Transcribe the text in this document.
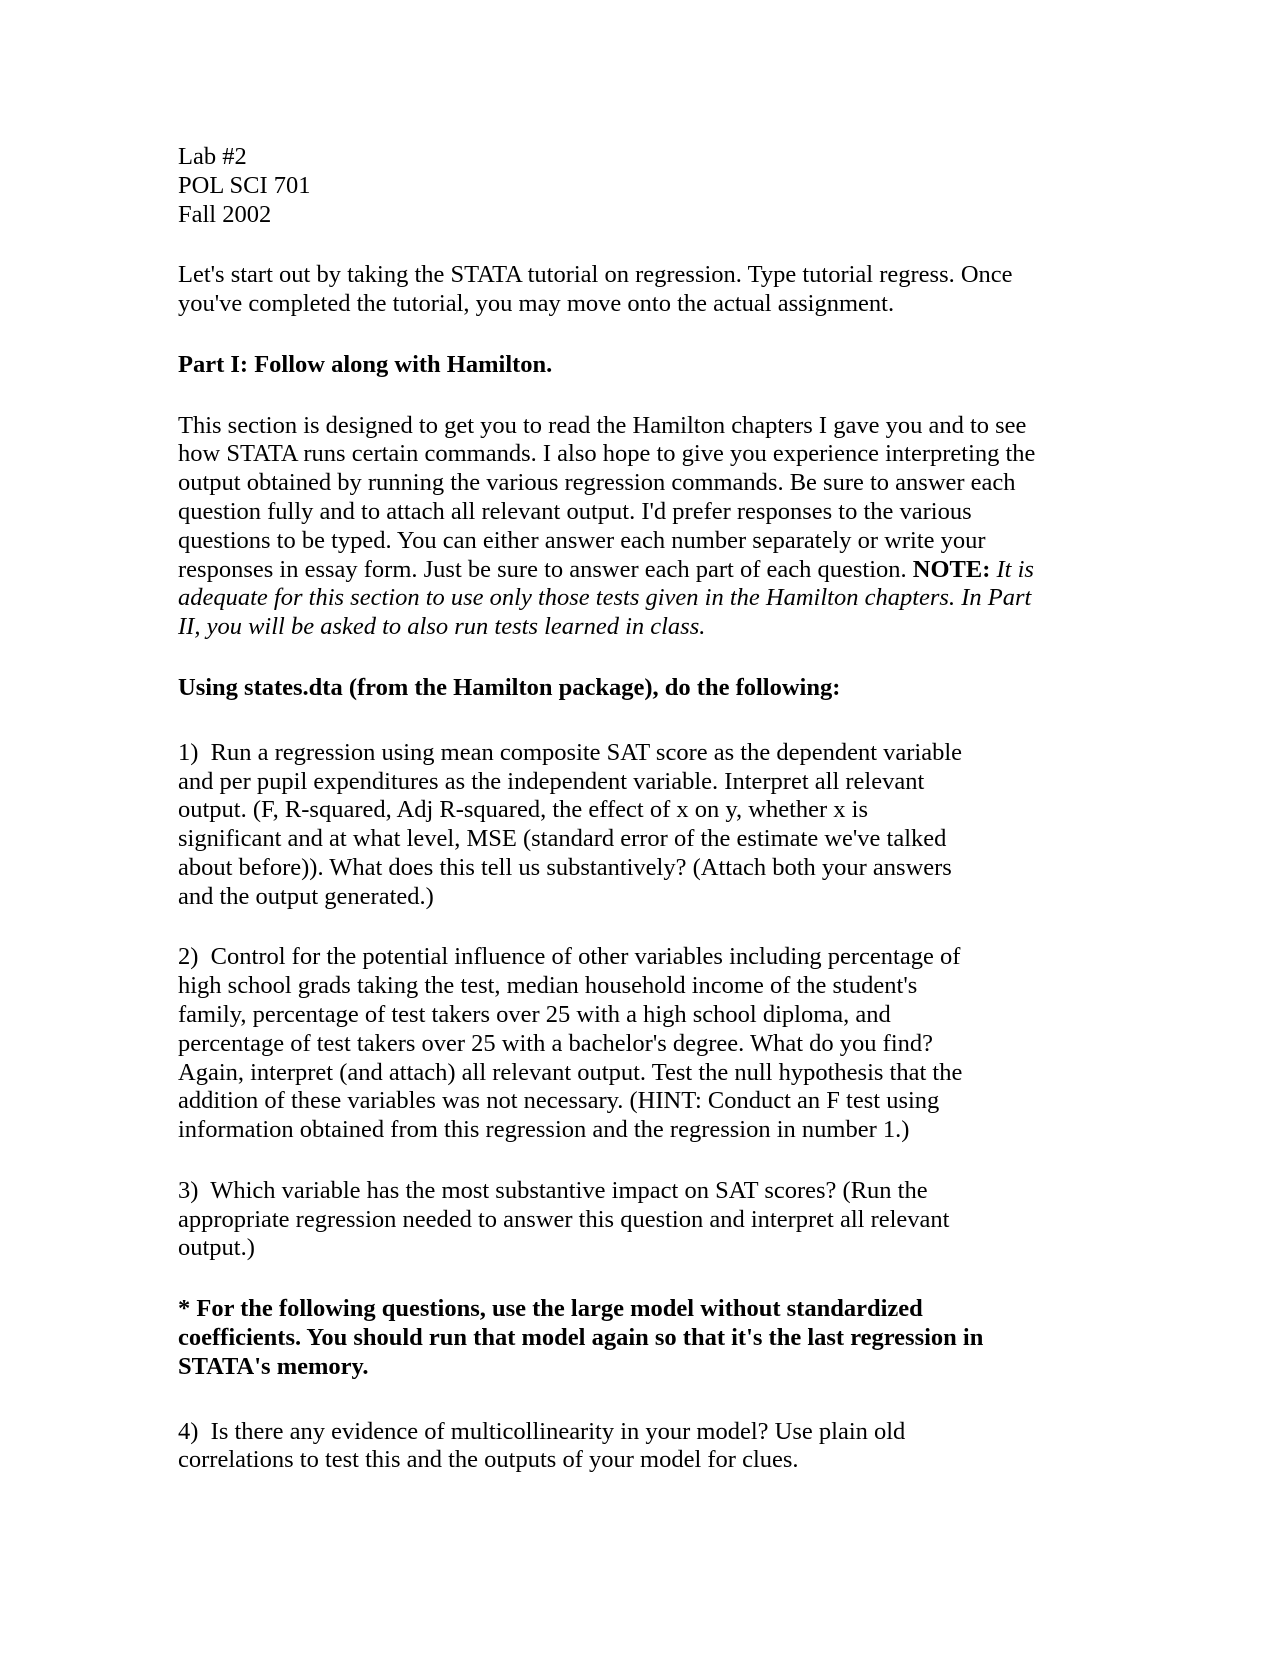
Lab #2
POL SCI 701
Fall 2002

Let's start out by taking the STATA tutorial on regression. Type tutorial regress. Once you've completed the tutorial, you may move onto the actual assignment.

Part I: Follow along with Hamilton.

This section is designed to get you to read the Hamilton chapters I gave you and to see how STATA runs certain commands. I also hope to give you experience interpreting the output obtained by running the various regression commands. Be sure to answer each question fully and to attach all relevant output. I'd prefer responses to the various questions to be typed. You can either answer each number separately or write your responses in essay form. Just be sure to answer each part of each question. NOTE: It is adequate for this section to use only those tests given in the Hamilton chapters. In Part II, you will be asked to also run tests learned in class.

Using states.dta (from the Hamilton package), do the following:

1) Run a regression using mean composite SAT score as the dependent variable and per pupil expenditures as the independent variable. Interpret all relevant output. (F, R-squared, Adj R-squared, the effect of x on y, whether x is significant and at what level, MSE (standard error of the estimate we've talked about before)). What does this tell us substantively? (Attach both your answers and the output generated.)

2) Control for the potential influence of other variables including percentage of high school grads taking the test, median household income of the student's family, percentage of test takers over 25 with a high school diploma, and percentage of test takers over 25 with a bachelor's degree. What do you find? Again, interpret (and attach) all relevant output. Test the null hypothesis that the addition of these variables was not necessary. (HINT: Conduct an F test using information obtained from this regression and the regression in number 1.)

3) Which variable has the most substantive impact on SAT scores? (Run the appropriate regression needed to answer this question and interpret all relevant output.)

* For the following questions, use the large model without standardized coefficients. You should run that model again so that it's the last regression in STATA's memory.

4) Is there any evidence of multicollinearity in your model? Use plain old correlations to test this and the outputs of your model for clues.
